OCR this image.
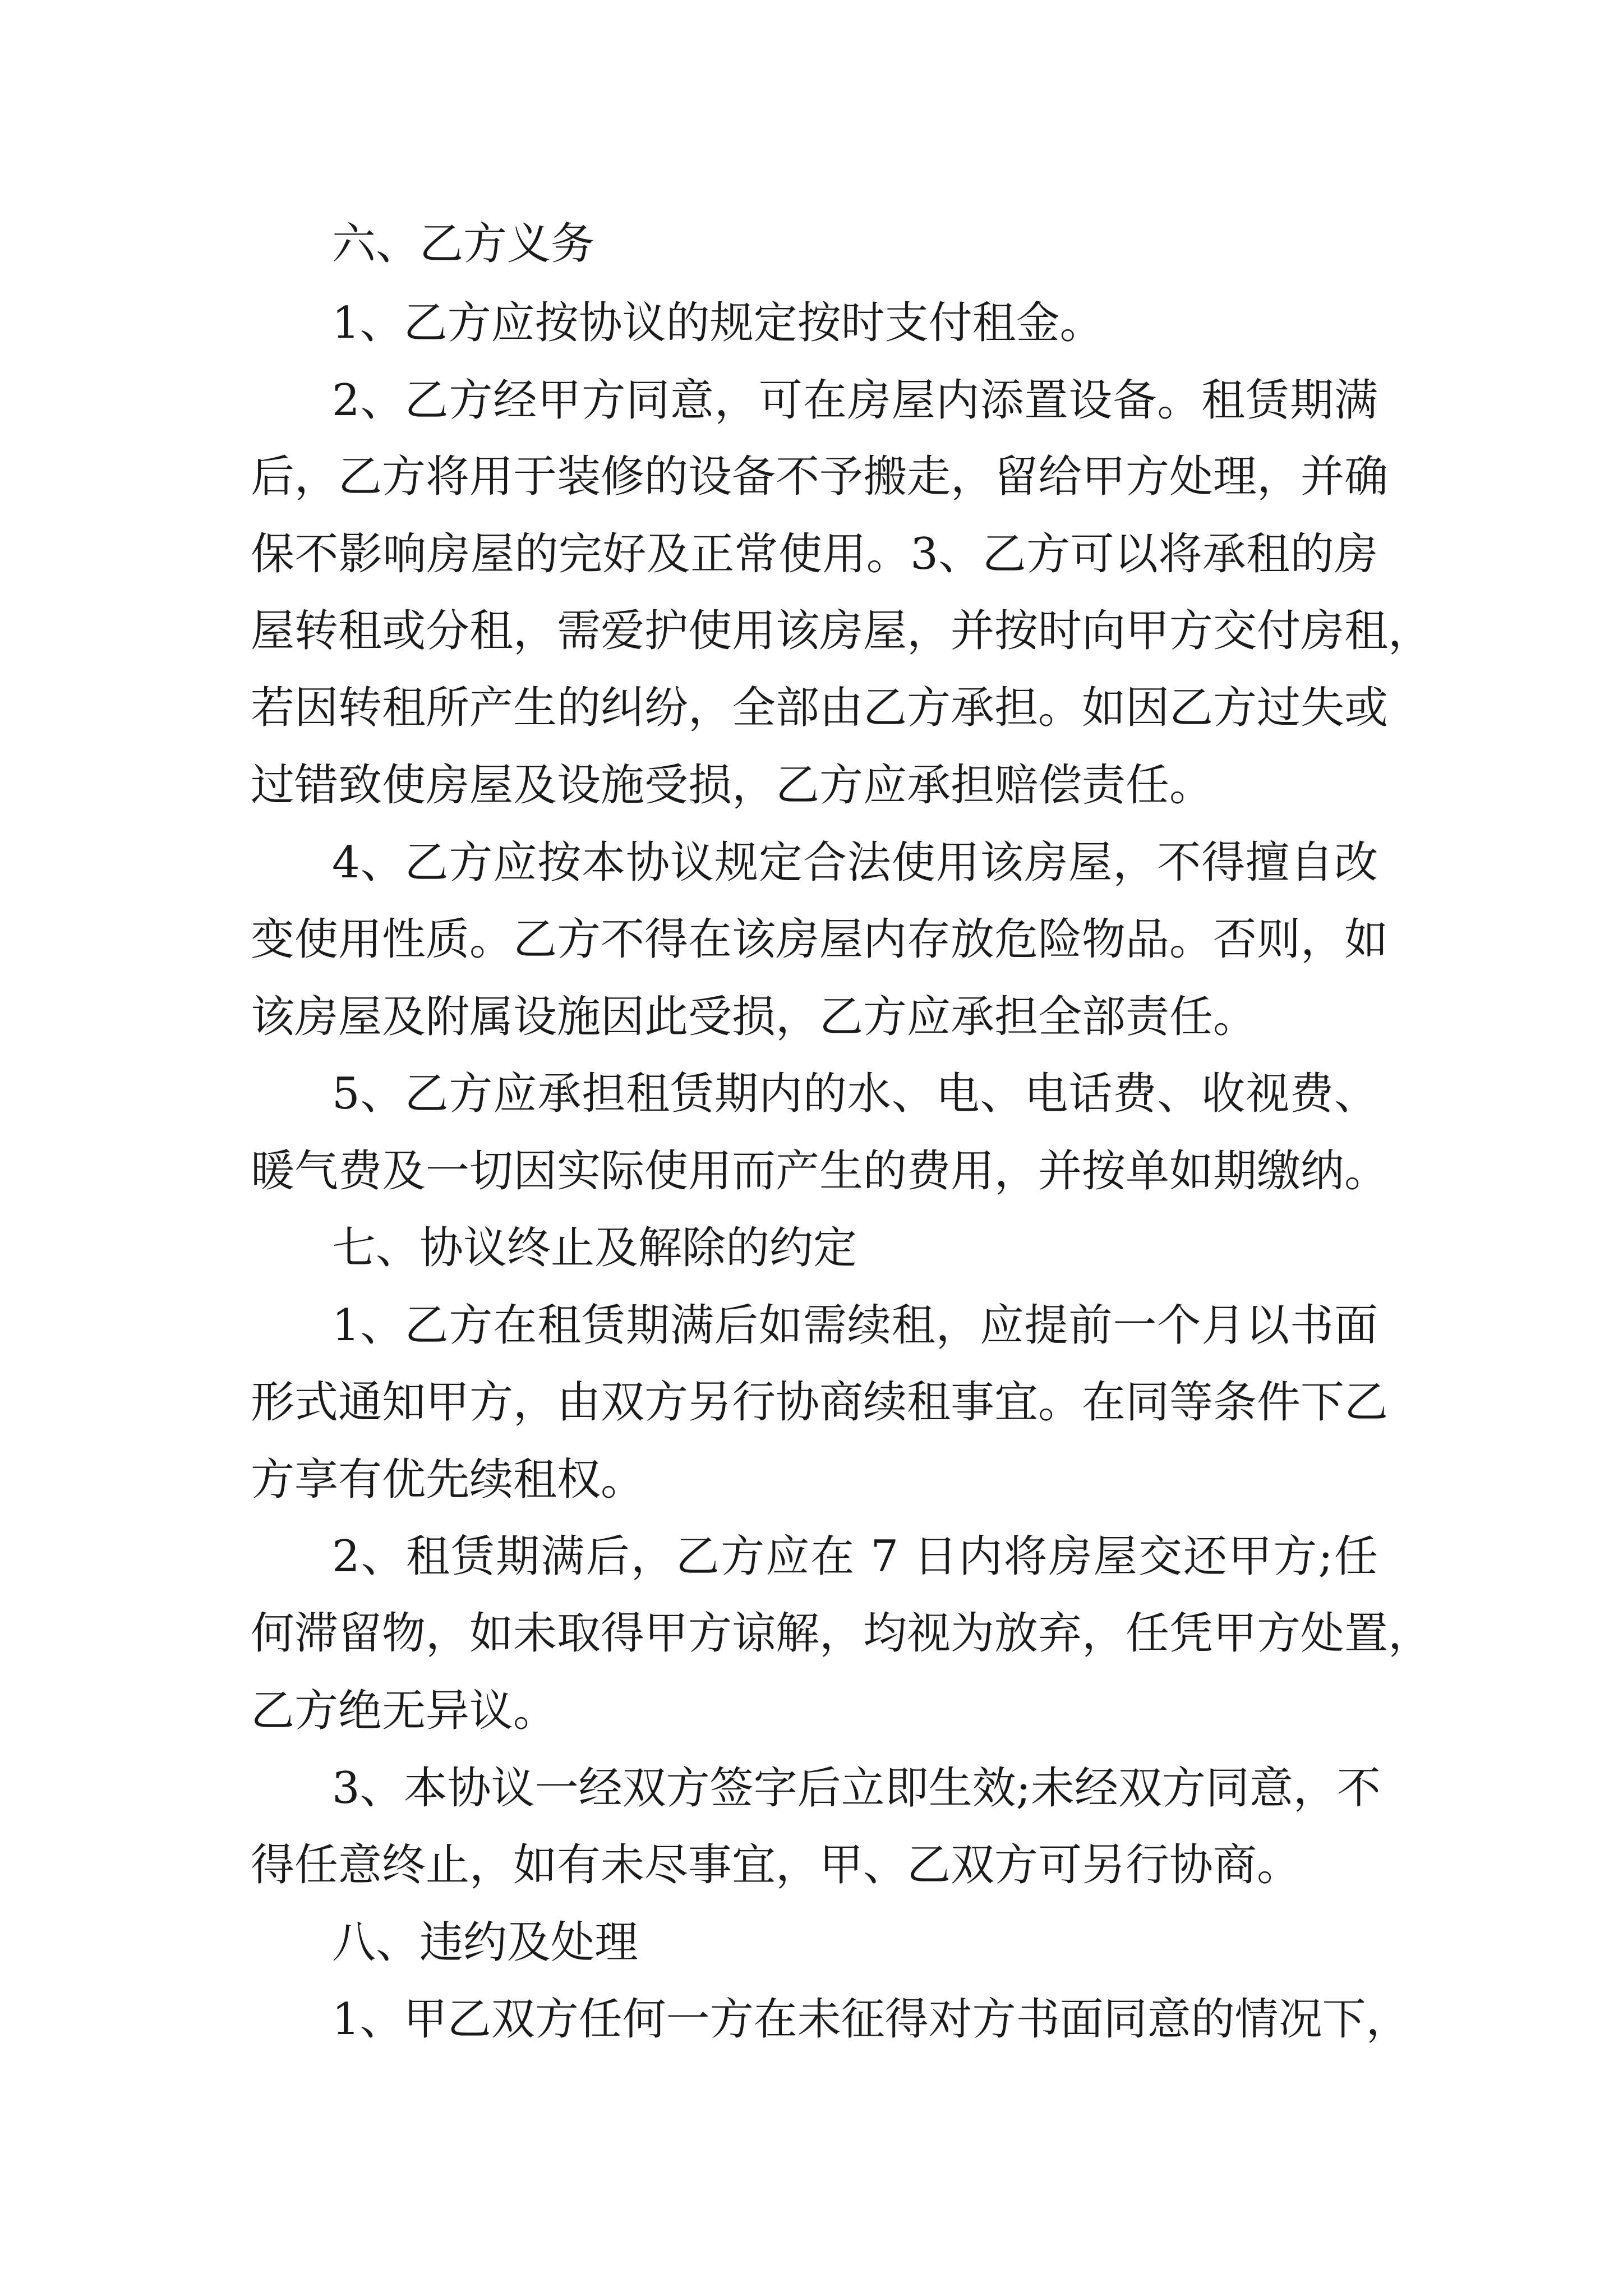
六、乙方义务
1、乙方应按协议的规定按时支付租金。
2、乙方经甲方同意，可在房屋内添置设备。租赁期满
后，乙方将用于装修的设备不予搬走，留给甲方处理，并确
保不影响房屋的完好及正常使用。3、乙方可以将承租的房
屋转租或分租，需爱护使用该房屋，并按时向甲方交付房租，
若因转租所产生的纠纷，全部由乙方承担。如因乙方过失或
过错致使房屋及设施受损，乙方应承担赔偿责任。
4、乙方应按本协议规定合法使用该房屋，不得擅自改
变使用性质。乙方不得在该房屋内存放危险物品。否则，如
该房屋及附属设施因此受损，乙方应承担全部责任。
5、乙方应承担租赁期内的水、电、电话费、收视费、
暖气费及一切因实际使用而产生的费用，并按单如期缴纳。
七、协议终止及解除的约定
1、乙方在租赁期满后如需续租，应提前一个月以书面
形式通知甲方，由双方另行协商续租事宜。在同等条件下乙
方享有优先续租权。
2、租赁期满后，乙方应在 7 日内将房屋交还甲方;任
何滞留物，如未取得甲方谅解，均视为放弃，任凭甲方处置，
乙方绝无异议。
3、本协议一经双方签字后立即生效;未经双方同意，不
得任意终止，如有未尽事宜，甲、乙双方可另行协商。
八、违约及处理
1、甲乙双方任何一方在未征得对方书面同意的情况下，
